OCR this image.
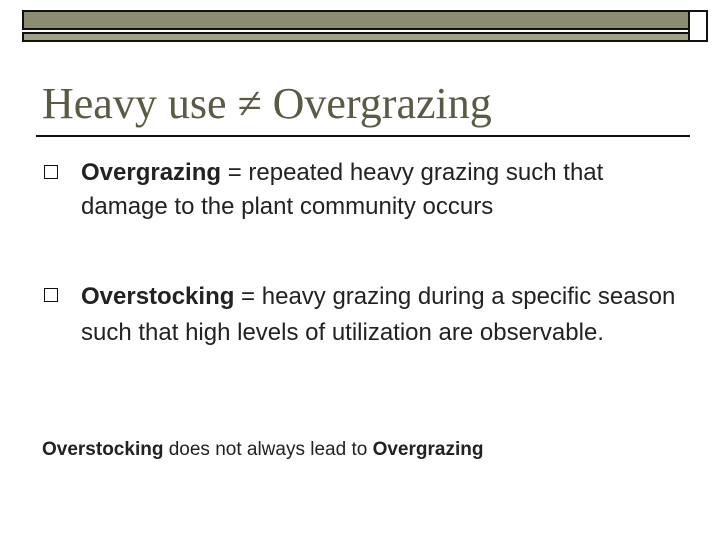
Heavy use ≠ Overgrazing
Overgrazing = repeated heavy grazing such that damage to the plant community occurs
Overstocking = heavy grazing during a specific season such that high levels of utilization are observable.
Overstocking does not always lead to Overgrazing
